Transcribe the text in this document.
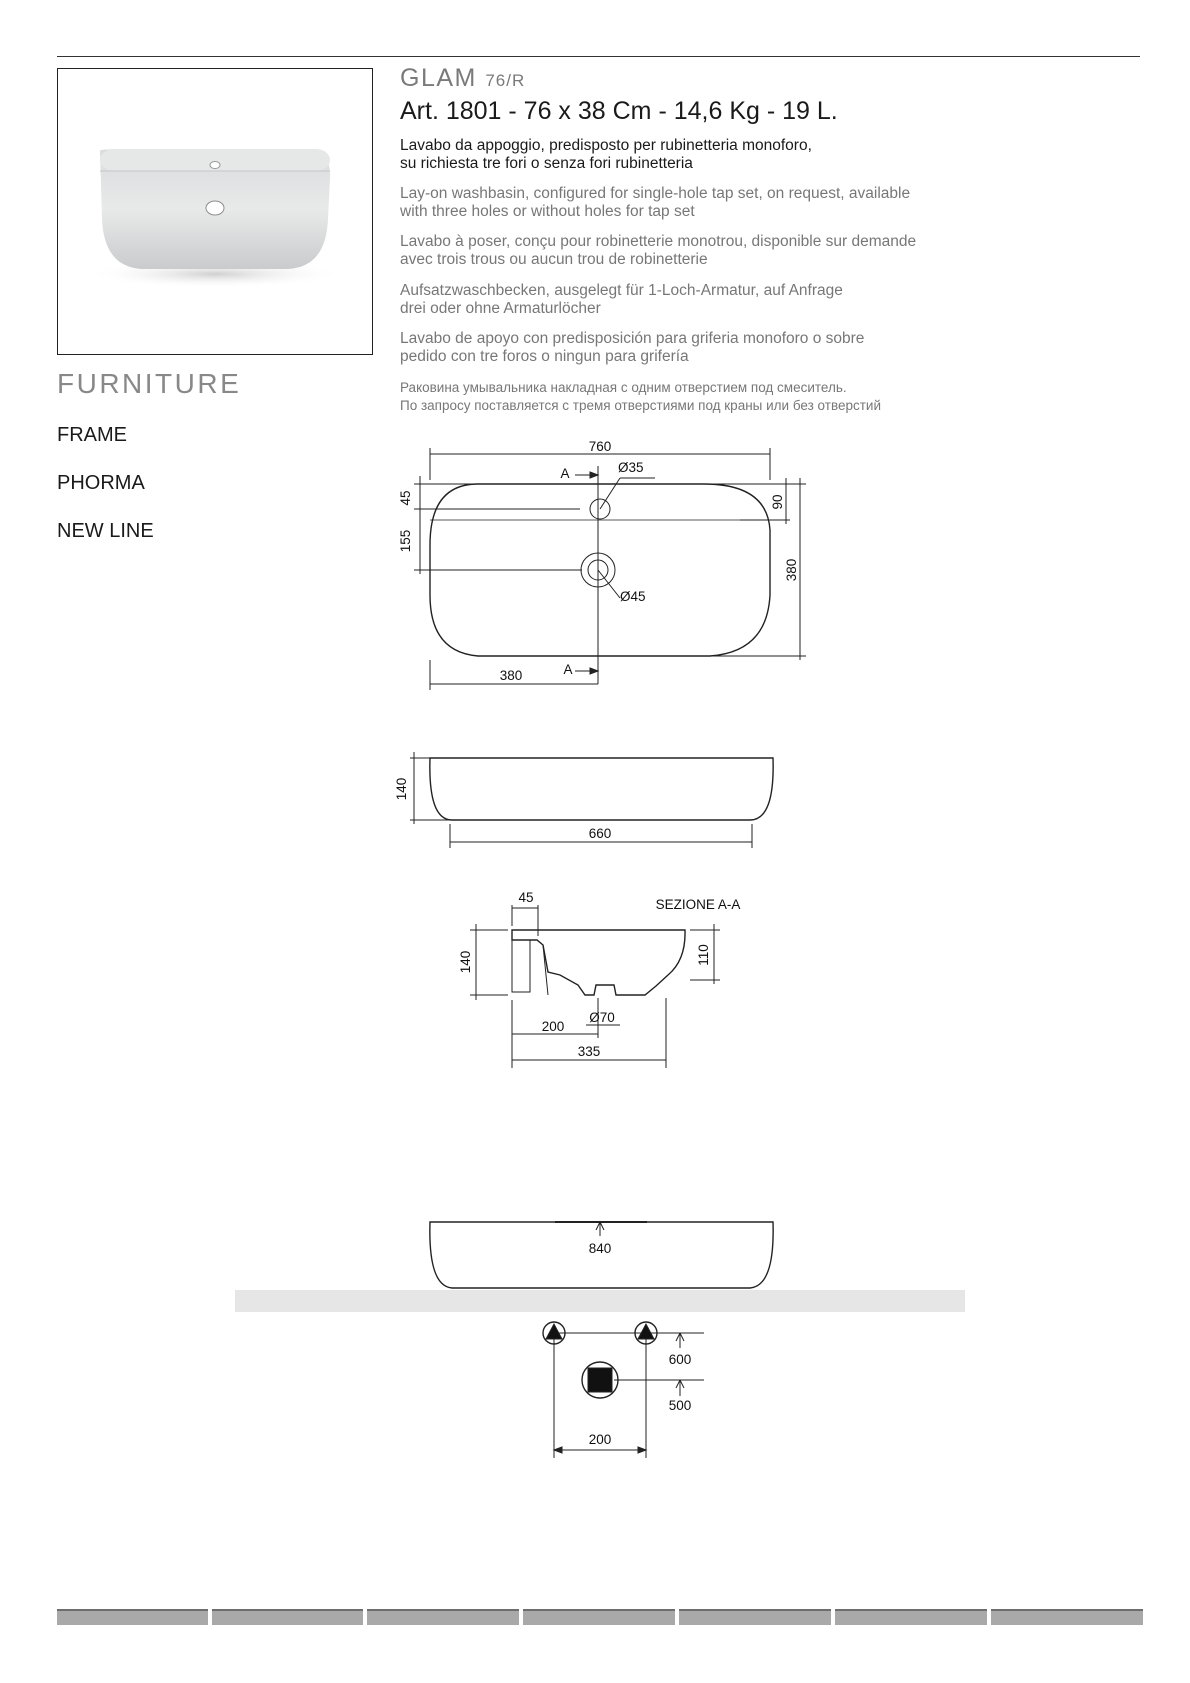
GLAM 76/R
Art. 1801 - 76 x 38 Cm - 14,6 Kg - 19 L.

Lavabo da appoggio, predisposto per rubinetteria monoforo,
su richiesta tre fori o senza fori rubinetteria

Lay-on washbasin, configured for single-hole tap set, on request, available
with three holes or without holes for tap set

Lavabo à poser, conçu pour robinetterie monotrou, disponible sur demande
avec trois trous ou aucun trou de robinetterie

Aufsatzwaschbecken, ausgelegt für 1-Loch-Armatur, auf Anfrage
drei oder ohne Armaturlöcher

Lavabo de apoyo con predisposición para griferia monoforo o sobre
pedido con tre foros o ningun para grifería

Раковина умывальника накладная с одним отверстием под смеситель.
По запросу поставляется с тремя отверстиями под краны или без отверстий

FURNITURE
FRAME
PHORMA
NEW LINE
760
A	Ø35
Ø45
45
155
90
380
380	A
140
660
SEZIONE A-A
45
140	110
Ø70
200
335
840
600
500
200
